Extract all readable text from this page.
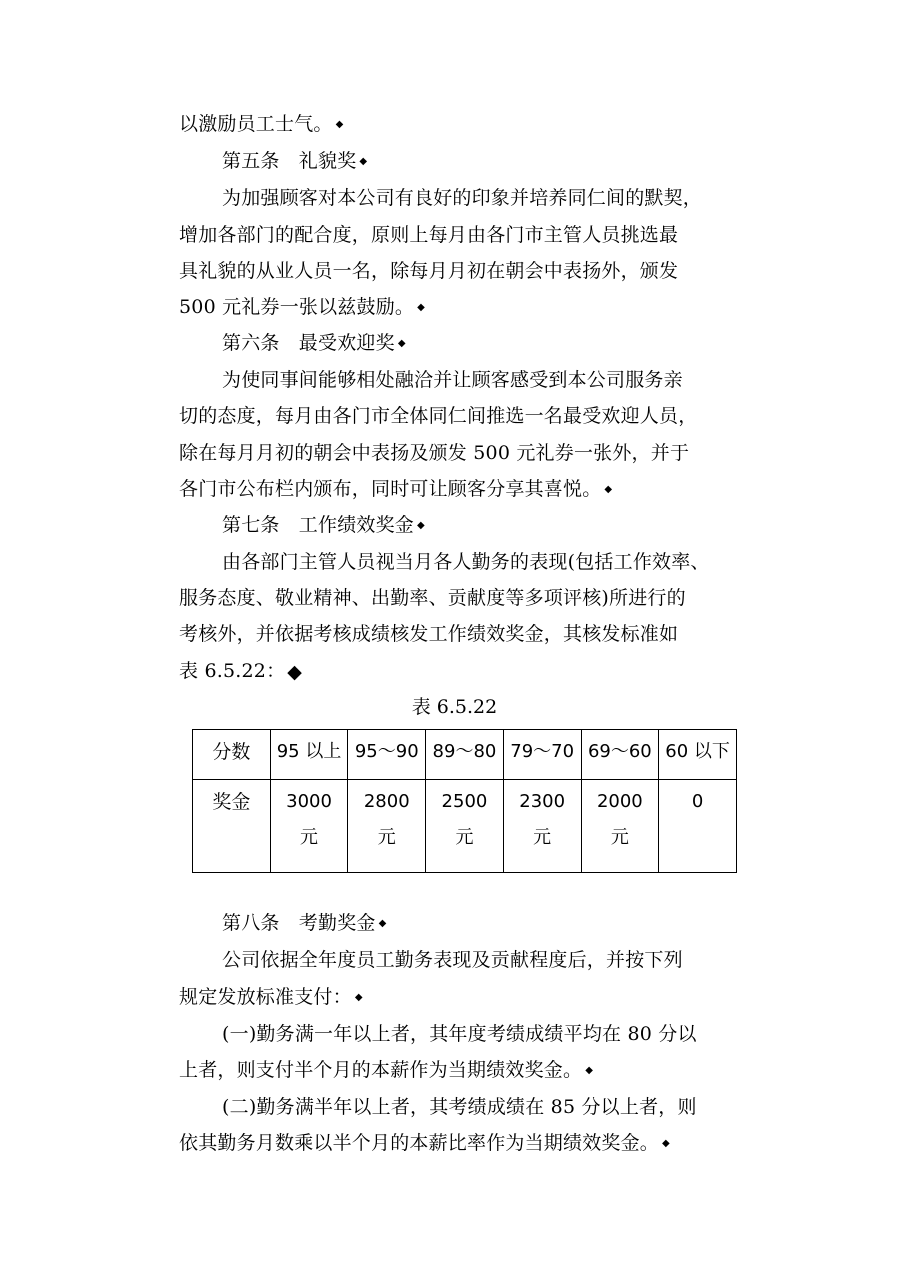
以激励员工士气。 ◆
第五条　礼貌奖 ◆
为加强顾客对本公司有良好的印象并培养同仁间的默契，
增加各部门的配合度，原则上每月由各门市主管人员挑选最
具礼貌的从业人员一名，除每月月初在朝会中表扬外，颁发
500 元礼券一张以兹鼓励。 ◆
第六条　最受欢迎奖 ◆
为使同事间能够相处融洽并让顾客感受到本公司服务亲
切的态度，每月由各门市全体同仁间推选一名最受欢迎人员，
除在每月月初的朝会中表扬及颁发 500 元礼券一张外，并于
各门市公布栏内颁布，同时可让顾客分享其喜悦。 ◆
第七条　工作绩效奖金 ◆
由各部门主管人员视当月各人勤务的表现(包括工作效率、
服务态度、敬业精神、出勤率、贡献度等多项评核)所进行的
考核外，并依据考核成绩核发工作绩效奖金，其核发标准如
表 6.5.22： ◆
表 6.5.22
分数	95 以上	95～90	89～80	79～70	69～60	60 以下
奖金	3000 元	2800 元	2500 元	2300 元	2000 元	0
第八条　考勤奖金 ◆
公司依据全年度员工勤务表现及贡献程度后，并按下列
规定发放标准支付： ◆
(一)勤务满一年以上者，其年度考绩成绩平均在 80 分以
上者，则支付半个月的本薪作为当期绩效奖金。 ◆
(二)勤务满半年以上者，其考绩成绩在 85 分以上者，则
依其勤务月数乘以半个月的本薪比率作为当期绩效奖金。 ◆
